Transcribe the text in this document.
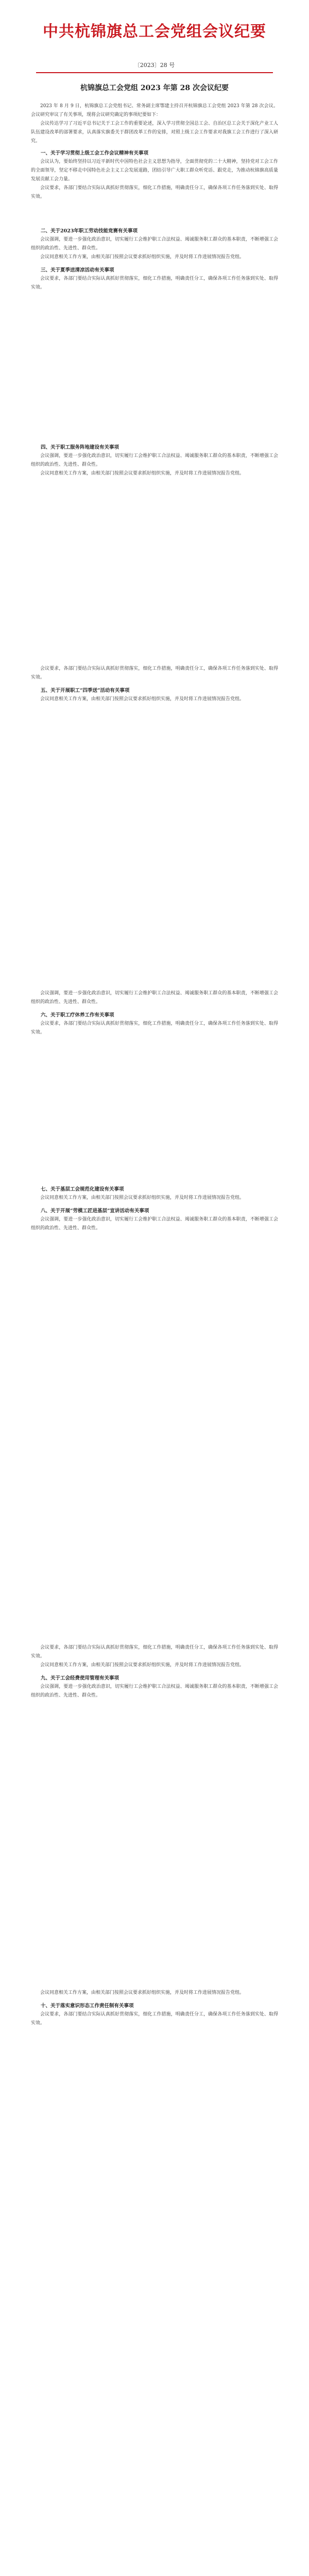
中共杭锦旗总工会党组会议纪要
〔2023〕28 号
杭锦旗总工会党组 2023 年第 28 次会议纪要

2023 年 8 月 9 日，杭锦旗总工会党组书记、常务副主席鄂建主持召开杭锦旗总工会党组 2023 年第 28 次会议。会议研究审议了有关事项，现将会议研究确定的事项纪要如下：

会议传达学习了习近平总书记关于工会工作的重要论述，深入学习贯彻全国总工会、自治区总工会关于深化产业工人队伍建设改革的部署要求，认真落实旗委关于群团改革工作的安排，对照上级工会工作要求对我旗工会工作进行了深入研究。

一、关于学习贯彻上级工会工作会议精神有关事项

会议认为，要始终坚持以习近平新时代中国特色社会主义思想为指导，全面贯彻党的二十大精神，坚持党对工会工作的全面领导，坚定不移走中国特色社会主义工会发展道路，团结引导广大职工群众听党话、跟党走，为推动杭锦旗高质量发展贡献工会力量。

会议要求，各部门要结合实际认真抓好贯彻落实，细化工作措施，明确责任分工，确保各项工作任务落到实处、取得实效。

二、关于2023年职工劳动技能竞赛有关事项

会议强调，要进一步强化政治意识，切实履行工会维护职工合法权益、竭诚服务职工群众的基本职责，不断增强工会组织的政治性、先进性、群众性。

会议同意相关工作方案，由相关部门按照会议要求抓好组织实施，并及时将工作进展情况报告党组。

三、关于夏季送清凉活动有关事项

会议要求，各部门要结合实际认真抓好贯彻落实，细化工作措施，明确责任分工，确保各项工作任务落到实处、取得实效。

四、关于职工服务阵地建设有关事项

会议强调，要进一步强化政治意识，切实履行工会维护职工合法权益、竭诚服务职工群众的基本职责，不断增强工会组织的政治性、先进性、群众性。

会议同意相关工作方案，由相关部门按照会议要求抓好组织实施，并及时将工作进展情况报告党组。

会议要求，各部门要结合实际认真抓好贯彻落实，细化工作措施，明确责任分工，确保各项工作任务落到实处、取得实效。

五、关于开展职工“四季送”活动有关事项

会议同意相关工作方案，由相关部门按照会议要求抓好组织实施，并及时将工作进展情况报告党组。

会议强调，要进一步强化政治意识，切实履行工会维护职工合法权益、竭诚服务职工群众的基本职责，不断增强工会组织的政治性、先进性、群众性。

六、关于职工疗休养工作有关事项

会议要求，各部门要结合实际认真抓好贯彻落实，细化工作措施，明确责任分工，确保各项工作任务落到实处、取得实效。

七、关于基层工会规范化建设有关事项

会议同意相关工作方案，由相关部门按照会议要求抓好组织实施，并及时将工作进展情况报告党组。

八、关于开展“劳模工匠进基层”宣讲活动有关事项

会议强调，要进一步强化政治意识，切实履行工会维护职工合法权益、竭诚服务职工群众的基本职责，不断增强工会组织的政治性、先进性、群众性。

会议要求，各部门要结合实际认真抓好贯彻落实，细化工作措施，明确责任分工，确保各项工作任务落到实处、取得实效。

会议同意相关工作方案，由相关部门按照会议要求抓好组织实施，并及时将工作进展情况报告党组。

九、关于工会经费使用管理有关事项

会议强调，要进一步强化政治意识，切实履行工会维护职工合法权益、竭诚服务职工群众的基本职责，不断增强工会组织的政治性、先进性、群众性。

会议同意相关工作方案，由相关部门按照会议要求抓好组织实施，并及时将工作进展情况报告党组。

十、关于落实意识形态工作责任制有关事项

会议要求，各部门要结合实际认真抓好贯彻落实，细化工作措施，明确责任分工，确保各项工作任务落到实处、取得实效。
